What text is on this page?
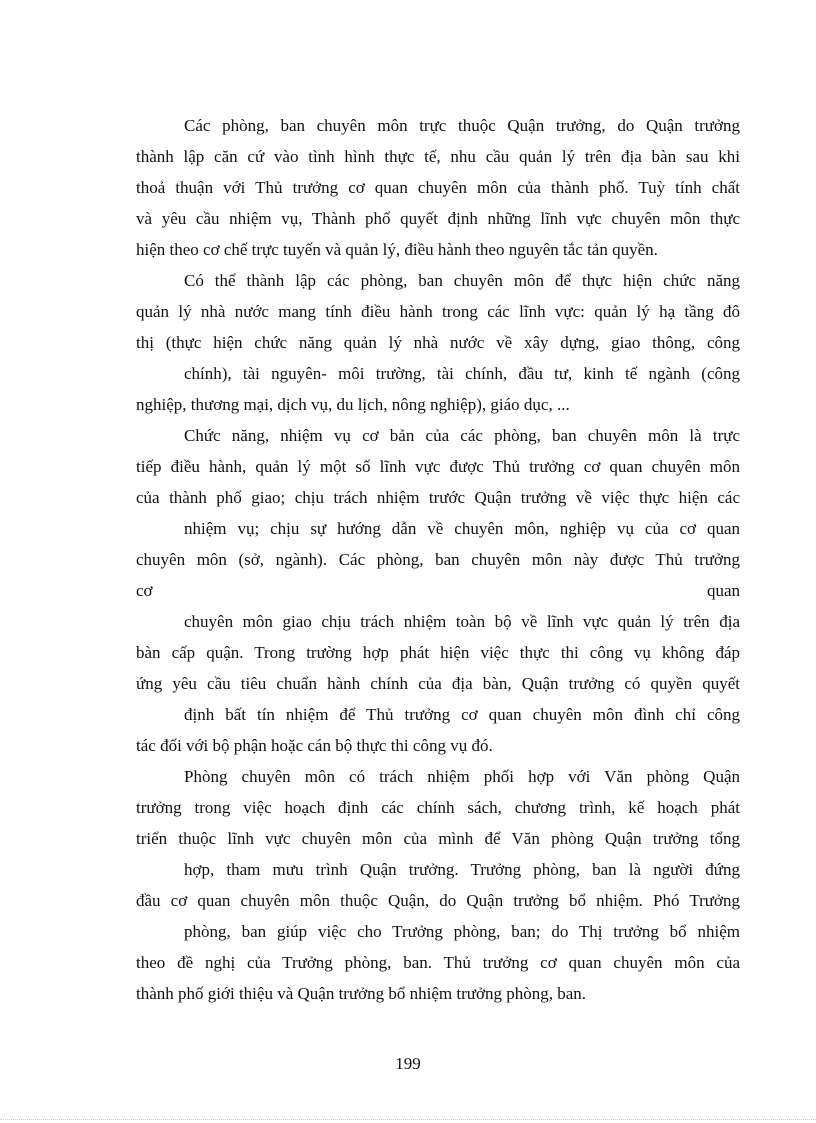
Các phòng, ban chuyên môn trực thuộc Quận trưởng, do Quận trưởng
thành lập căn cứ vào tình hình thực tế, nhu cầu quản lý trên địa bàn sau khi
thoả thuận với Thủ trưởng cơ quan chuyên môn của thành phố. Tuỳ tính chất
và yêu cầu nhiệm vụ, Thành phố quyết định những lĩnh vực chuyên môn thực
hiện theo cơ chế trực tuyến và quản lý, điều hành theo nguyên tắc tản quyền.
Có thể thành lập các phòng, ban chuyên môn để thực hiện chức năng
quản lý nhà nước mang tính điều hành trong các lĩnh vực: quản lý hạ tầng đô
thị (thực hiện chức năng quản lý nhà nước về xây dựng, giao thông, công
chính), tài nguyên- môi trường, tài chính, đầu tư, kinh tế ngành (công
nghiệp, thương mại, dịch vụ, du lịch, nông nghiệp), giáo dục, ...
Chức năng, nhiệm vụ cơ bản của các phòng, ban chuyên môn là trực
tiếp điều hành, quản lý một số lĩnh vực được Thủ trưởng cơ quan chuyên môn
của thành phố giao; chịu trách nhiệm trước Quận trưởng về việc thực hiện các
nhiệm vụ; chịu sự hướng dẫn về chuyên môn, nghiệp vụ của cơ quan
chuyên môn (sở, ngành). Các phòng, ban chuyên môn này được Thủ trưởng
cơ quan
chuyên môn giao chịu trách nhiệm toàn bộ về lĩnh vực quản lý trên địa
bàn cấp quận. Trong trường hợp phát hiện việc thực thi công vụ không đáp
ứng yêu cầu tiêu chuẩn hành chính của địa bàn, Quận trưởng có quyền quyết
định bất tín nhiệm để Thủ trưởng cơ quan chuyên môn đình chỉ công
tác đối với bộ phận hoặc cán bộ thực thi công vụ đó.
Phòng chuyên môn có trách nhiệm phối hợp với Văn phòng Quận
trưởng trong việc hoạch định các chính sách, chương trình, kế hoạch phát
triển thuộc lĩnh vực chuyên môn của mình để Văn phòng Quận trưởng tổng
hợp, tham mưu trình Quận trưởng. Trưởng phòng, ban là người đứng
đầu cơ quan chuyên môn thuộc Quận, do Quận trưởng bổ nhiệm. Phó Trưởng
phòng, ban giúp việc cho Trưởng phòng, ban; do Thị trưởng bổ nhiệm
theo đề nghị của Trưởng phòng, ban. Thủ trưởng cơ quan chuyên môn của
thành phố giới thiệu và Quận trưởng bổ nhiệm trưởng phòng, ban.
199
